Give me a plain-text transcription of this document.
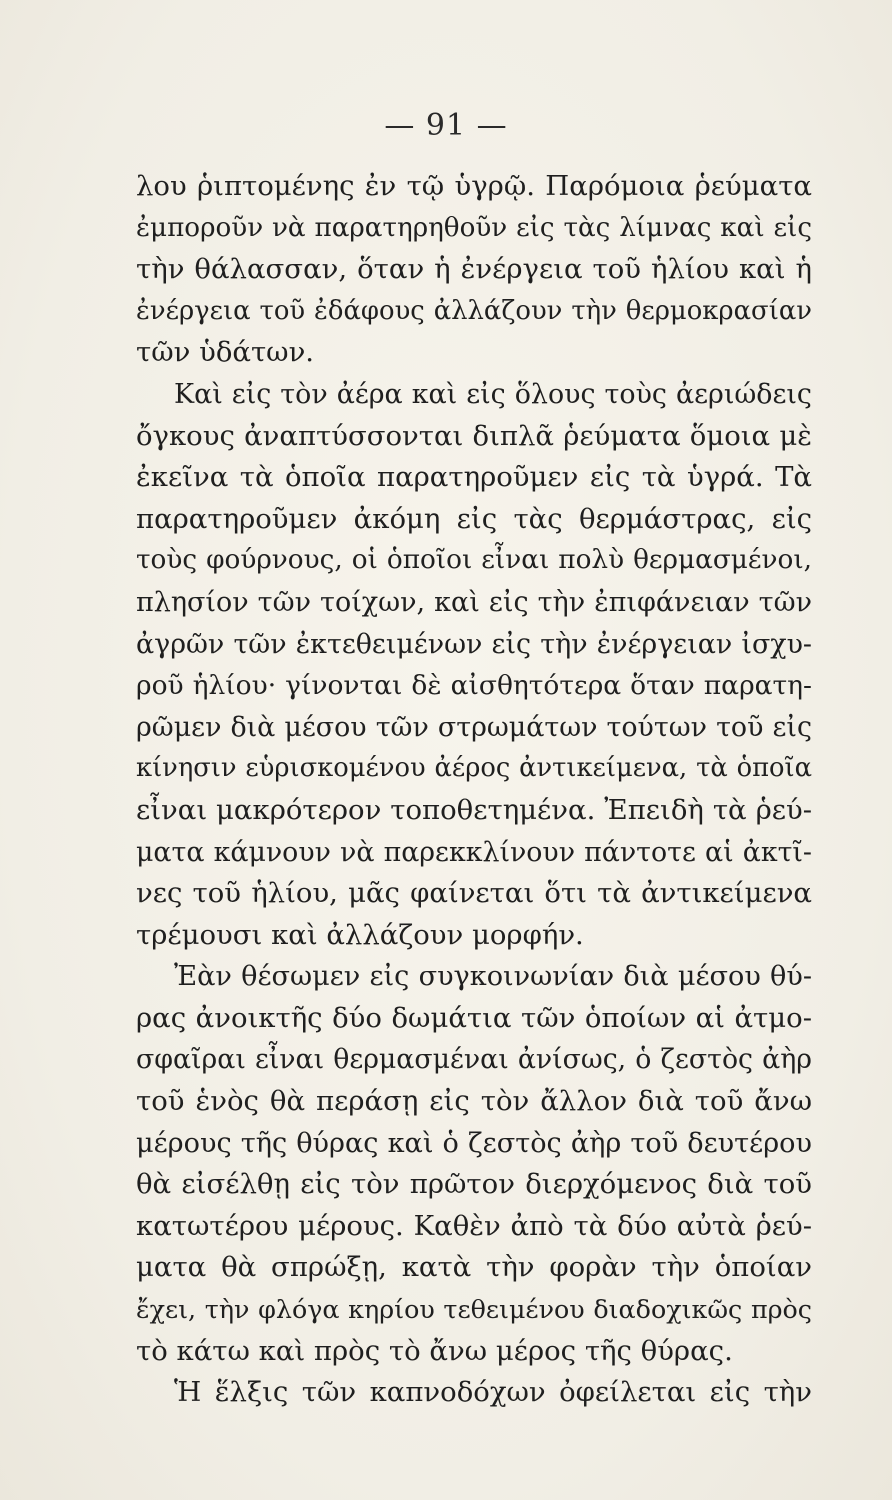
— 91 —
λου ῥιπτομένης ἐν τῷ ὑγρῷ. Παρόμοια ῥεύματα
ἐμποροῦν νὰ παρατηρηθοῦν εἰς τὰς λίμνας καὶ εἰς
τὴν θάλασσαν, ὅταν ἡ ἐνέργεια τοῦ ἡλίου καὶ ἡ
ἐνέργεια τοῦ ἐδάφους ἀλλάζουν τὴν θερμοκρασίαν
τῶν ὑδάτων.
Καὶ εἰς τὸν ἀέρα καὶ εἰς ὅλους τοὺς ἀεριώδεις
ὄγκους ἀναπτύσσονται διπλᾶ ῥεύματα ὅμοια μὲ
ἐκεῖνα τὰ ὁποῖα παρατηροῦμεν εἰς τὰ ὑγρά. Τὰ
παρατηροῦμεν ἀκόμη εἰς τὰς θερμάστρας, εἰς
τοὺς φούρνους, οἱ ὁποῖοι εἶναι πολὺ θερμασμένοι,
πλησίον τῶν τοίχων, καὶ εἰς τὴν ἐπιφάνειαν τῶν
ἀγρῶν τῶν ἐκτεθειμένων εἰς τὴν ἐνέργειαν ἰσχυ-
ροῦ ἡλίου· γίνονται δὲ αἰσθητότερα ὅταν παρατη-
ρῶμεν διὰ μέσου τῶν στρωμάτων τούτων τοῦ εἰς
κίνησιν εὑρισκομένου ἀέρος ἀντικείμενα, τὰ ὁποῖα
εἶναι μακρότερον τοποθετημένα. Ἐπειδὴ τὰ ῥεύ-
ματα κάμνουν νὰ παρεκκλίνουν πάντοτε αἱ ἀκτῖ-
νες τοῦ ἡλίου, μᾶς φαίνεται ὅτι τὰ ἀντικείμενα
τρέμουσι καὶ ἀλλάζουν μορφήν.
Ἐὰν θέσωμεν εἰς συγκοινωνίαν διὰ μέσου θύ-
ρας ἀνοικτῆς δύο δωμάτια τῶν ὁποίων αἱ ἀτμο-
σφαῖραι εἶναι θερμασμέναι ἀνίσως, ὁ ζεστὸς ἀὴρ
τοῦ ἑνὸς θὰ περάσῃ εἰς τὸν ἄλλον διὰ τοῦ ἄνω
μέρους τῆς θύρας καὶ ὁ ζεστὸς ἀὴρ τοῦ δευτέρου
θὰ εἰσέλθῃ εἰς τὸν πρῶτον διερχόμενος διὰ τοῦ
κατωτέρου μέρους. Καθὲν ἀπὸ τὰ δύο αὐτὰ ῥεύ-
ματα θὰ σπρώξῃ, κατὰ τὴν φορὰν τὴν ὁποίαν
ἔχει, τὴν φλόγα κηρίου τεθειμένου διαδοχικῶς πρὸς
τὸ κάτω καὶ πρὸς τὸ ἄνω μέρος τῆς θύρας.
Ἡ ἕλξις τῶν καπνοδόχων ὀφείλεται εἰς τὴν
